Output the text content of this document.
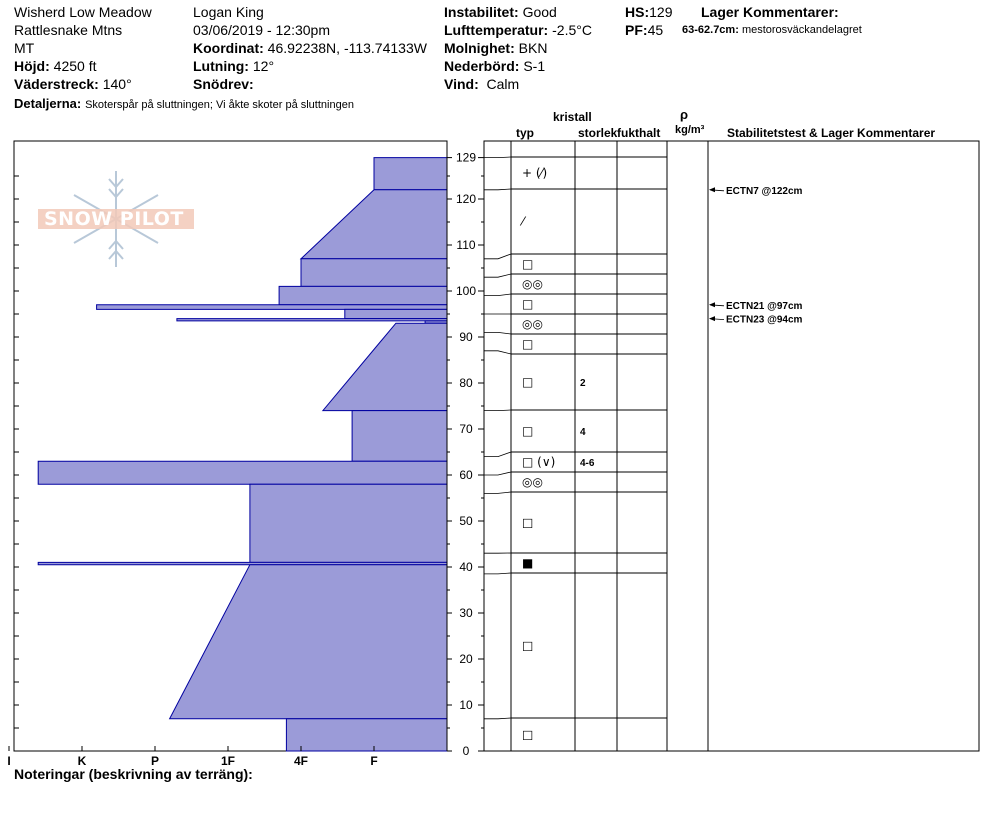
Wisherd Low Meadow
Rattlesnake Mtns
MT
Höjd: 4250 ft
Väderstreck: 140°
Logan King
03/06/2019 - 12:30pm
Koordinat: 46.92238N, -113.74133W
Lutning: 12°
Snödrev:
Instabilitet: Good
Lufttemperatur: -2.5°C
Molnighet: BKN
Nederbörd: S-1
Vind: Calm
HS:129
PF:45
Lager Kommentarer:
63-62.7cm: mestorosväckandelagret
Detaljerna: Skoterspår på sluttningen; Vi åkte skoter på sluttningen
kristall
typ	storlek fukthalt
ρ
kg/m³ Stabilitetstest & Lager Kommentarer
SNOW PILOT
I	K	P	1F	4F	F
0
10
20
30
40
50
60
70
80
90
100
110
120
129
+ (⁄)
⁄
□
◎◎
□
◎◎
□
□	2
□	4
□ (∨) 4-6
◎◎
□
■
□
□
ECTN7 @122cm
ECTN21 @97cm
ECTN23 @94cm
Noteringar (beskrivning av terräng):
